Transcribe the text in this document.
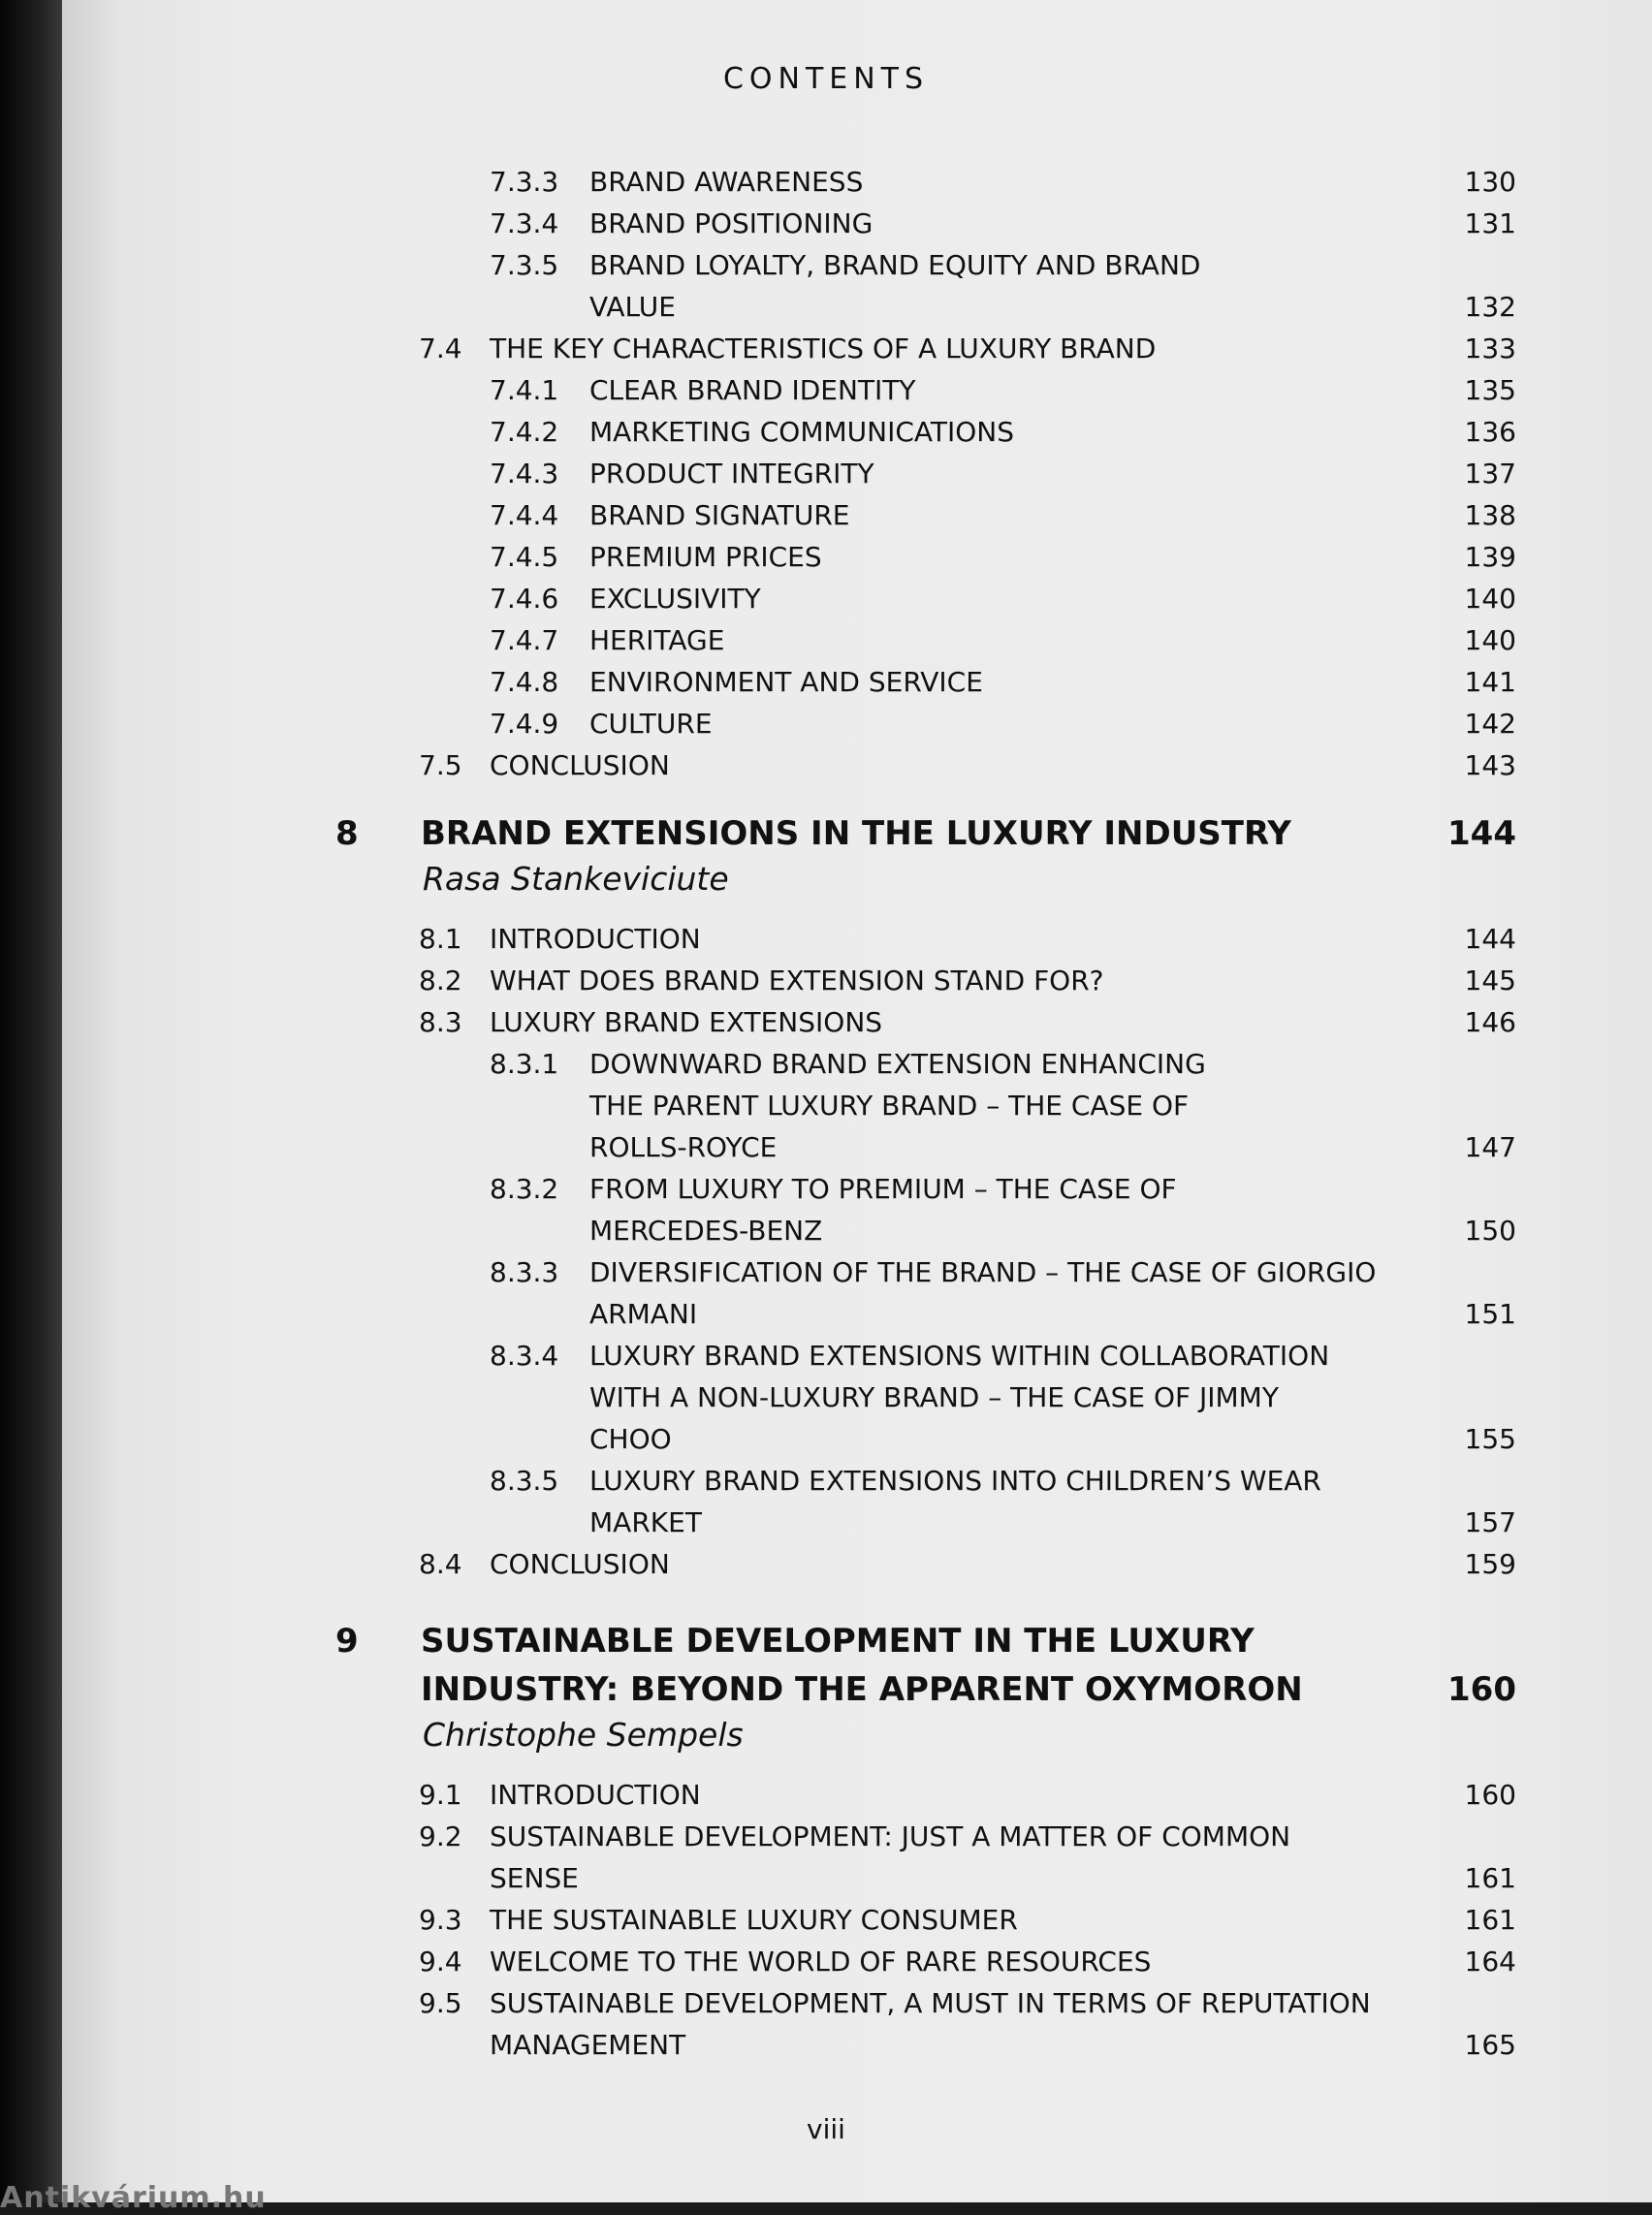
CONTENTS
7.3.3 BRAND AWARENESS	130
7.3.4 BRAND POSITIONING	131
7.3.5 BRAND LOYALTY, BRAND EQUITY AND BRAND
VALUE	132
7.4 THE KEY CHARACTERISTICS OF A LUXURY BRAND	133
7.4.1 CLEAR BRAND IDENTITY	135
7.4.2 MARKETING COMMUNICATIONS	136
7.4.3 PRODUCT INTEGRITY	137
7.4.4 BRAND SIGNATURE	138
7.4.5 PREMIUM PRICES	139
7.4.6 EXCLUSIVITY	140
7.4.7 HERITAGE	140
7.4.8 ENVIRONMENT AND SERVICE	141
7.4.9 CULTURE	142
7.5 CONCLUSION	143
8 BRAND EXTENSIONS IN THE LUXURY INDUSTRY	144
Rasa Stankeviciute
8.1 INTRODUCTION	144
8.2 WHAT DOES BRAND EXTENSION STAND FOR?	145
8.3 LUXURY BRAND EXTENSIONS	146
8.3.1 DOWNWARD BRAND EXTENSION ENHANCING
THE PARENT LUXURY BRAND – THE CASE OF
ROLLS-ROYCE	147
8.3.2 FROM LUXURY TO PREMIUM – THE CASE OF
MERCEDES-BENZ	150
8.3.3 DIVERSIFICATION OF THE BRAND – THE CASE OF GIORGIO
ARMANI	151
8.3.4 LUXURY BRAND EXTENSIONS WITHIN COLLABORATION
WITH A NON-LUXURY BRAND – THE CASE OF JIMMY
CHOO	155
8.3.5 LUXURY BRAND EXTENSIONS INTO CHILDREN’S WEAR
MARKET	157
8.4 CONCLUSION	159
9 SUSTAINABLE DEVELOPMENT IN THE LUXURY
INDUSTRY: BEYOND THE APPARENT OXYMORON	160
Christophe Sempels
9.1 INTRODUCTION	160
9.2 SUSTAINABLE DEVELOPMENT: JUST A MATTER OF COMMON
SENSE	161
9.3 THE SUSTAINABLE LUXURY CONSUMER	161
9.4 WELCOME TO THE WORLD OF RARE RESOURCES	164
9.5 SUSTAINABLE DEVELOPMENT, A MUST IN TERMS OF REPUTATION
MANAGEMENT	165
viii
Antikvárium.hu
